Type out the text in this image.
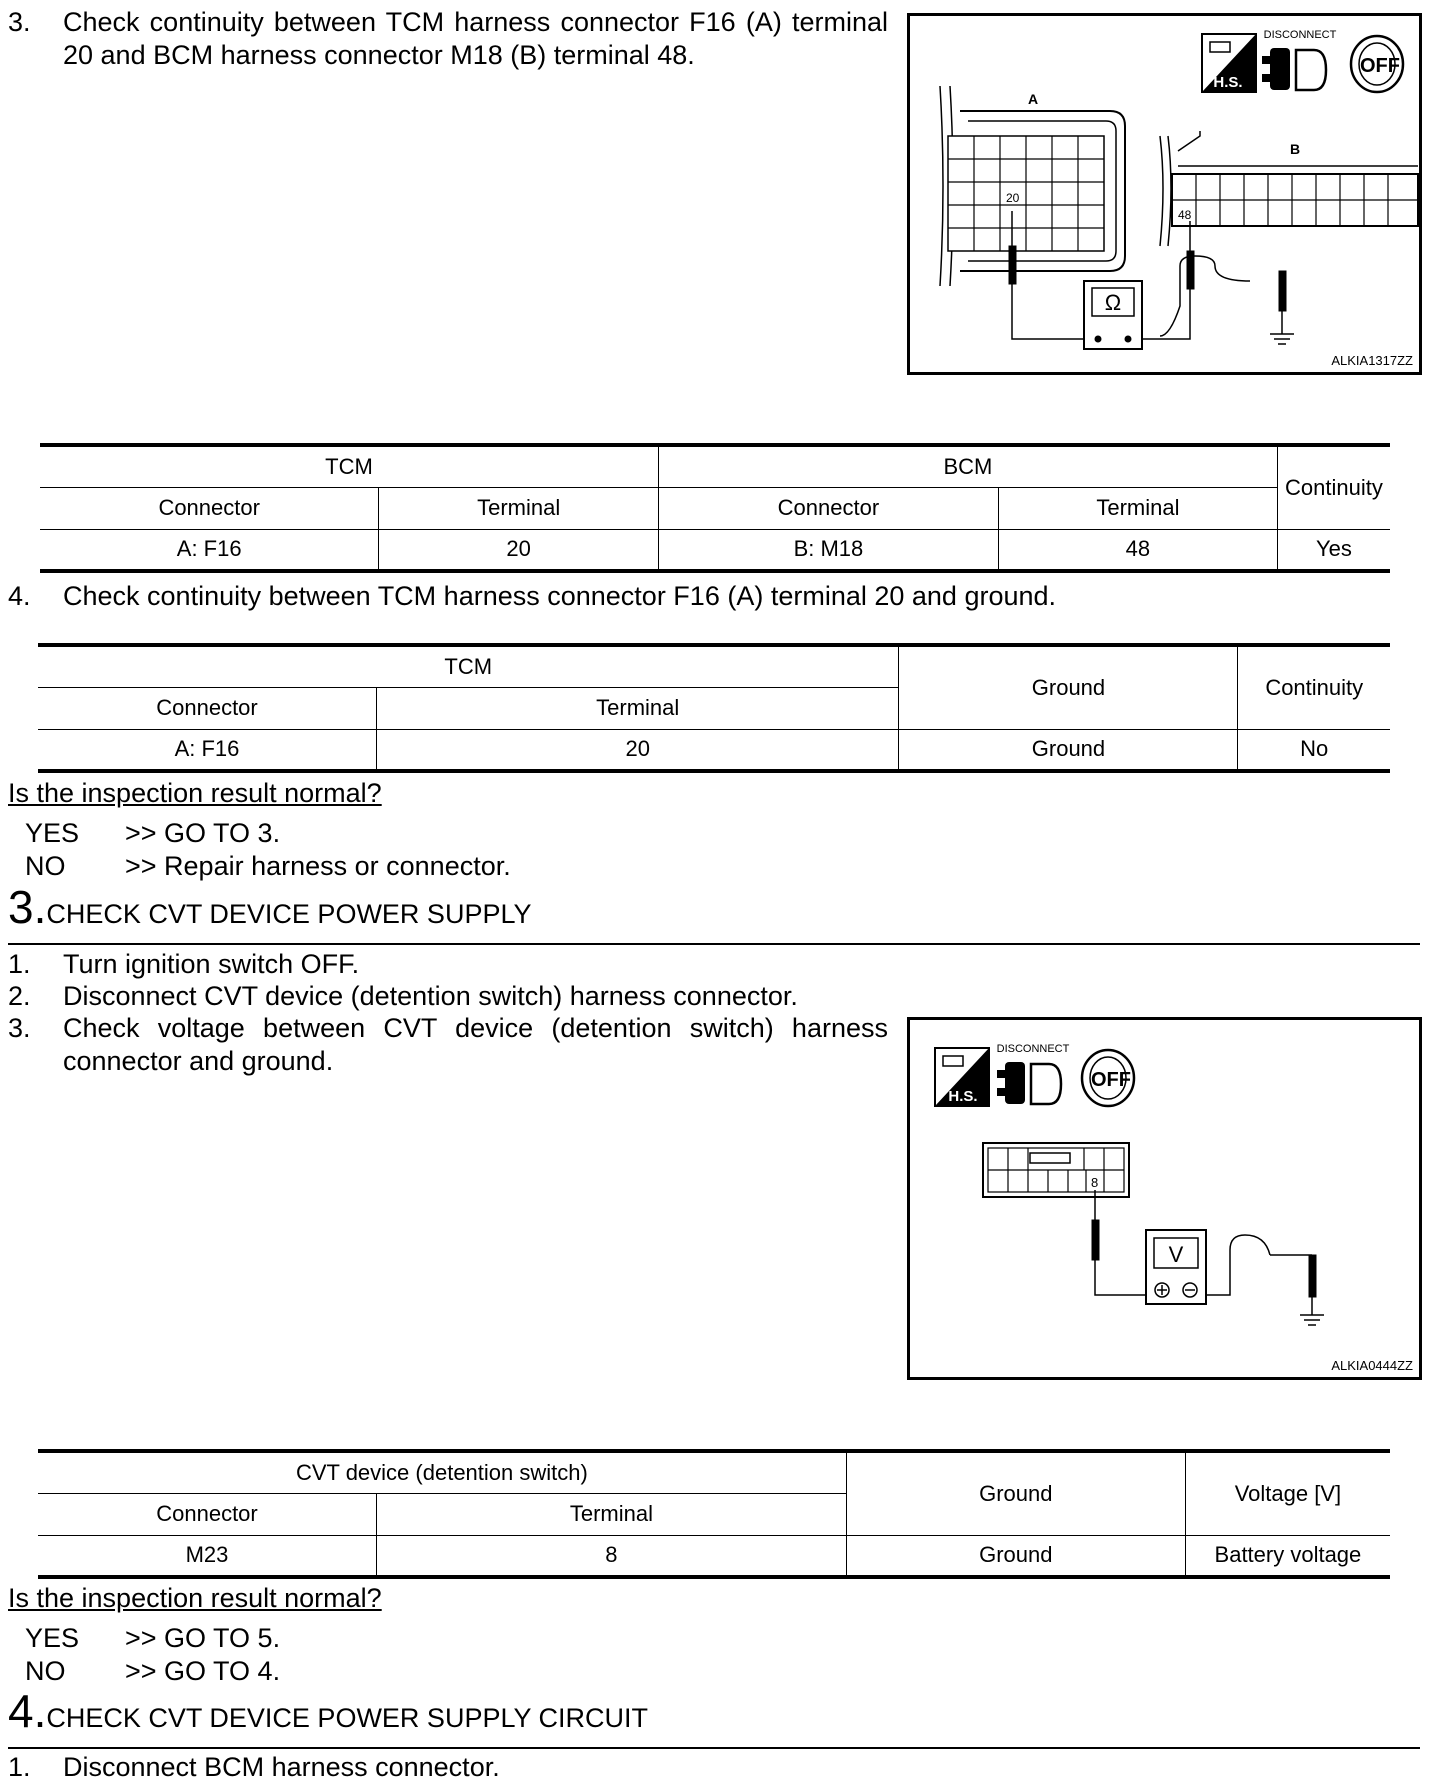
3. Check continuity between TCM harness connector F16 (A) terminal 20 and BCM harness connector M18 (B) terminal 48.
H.S.
DISCONNECT
OFF
A
20
B
48
Ω
ALKIA1317ZZ
TCM		BCM		Continuity
Connector	Terminal	Connector	Terminal	
A: F16	20	B: M18	48	Yes
4. Check continuity between TCM harness connector F16 (A) terminal 20 and ground.
TCM		Ground	Continuity
Connector	Terminal		
A: F16	20	Ground	No
Is the inspection result normal?
YES >> GO TO 3.
NO >> Repair harness or connector.
3.CHECK CVT DEVICE POWER SUPPLY
1. Turn ignition switch OFF.
2. Disconnect CVT device (detention switch) harness connector.
3. Check voltage between CVT device (detention switch) harness connector and ground.
H.S.
DISCONNECT
OFF
8
V
ALKIA0444ZZ
CVT device (detention switch)		Ground	Voltage [V]
Connector	Terminal		
M23	8	Ground	Battery voltage
Is the inspection result normal?
YES >> GO TO 5.
NO >> GO TO 4.
4.CHECK CVT DEVICE POWER SUPPLY CIRCUIT
1. Disconnect BCM harness connector.
